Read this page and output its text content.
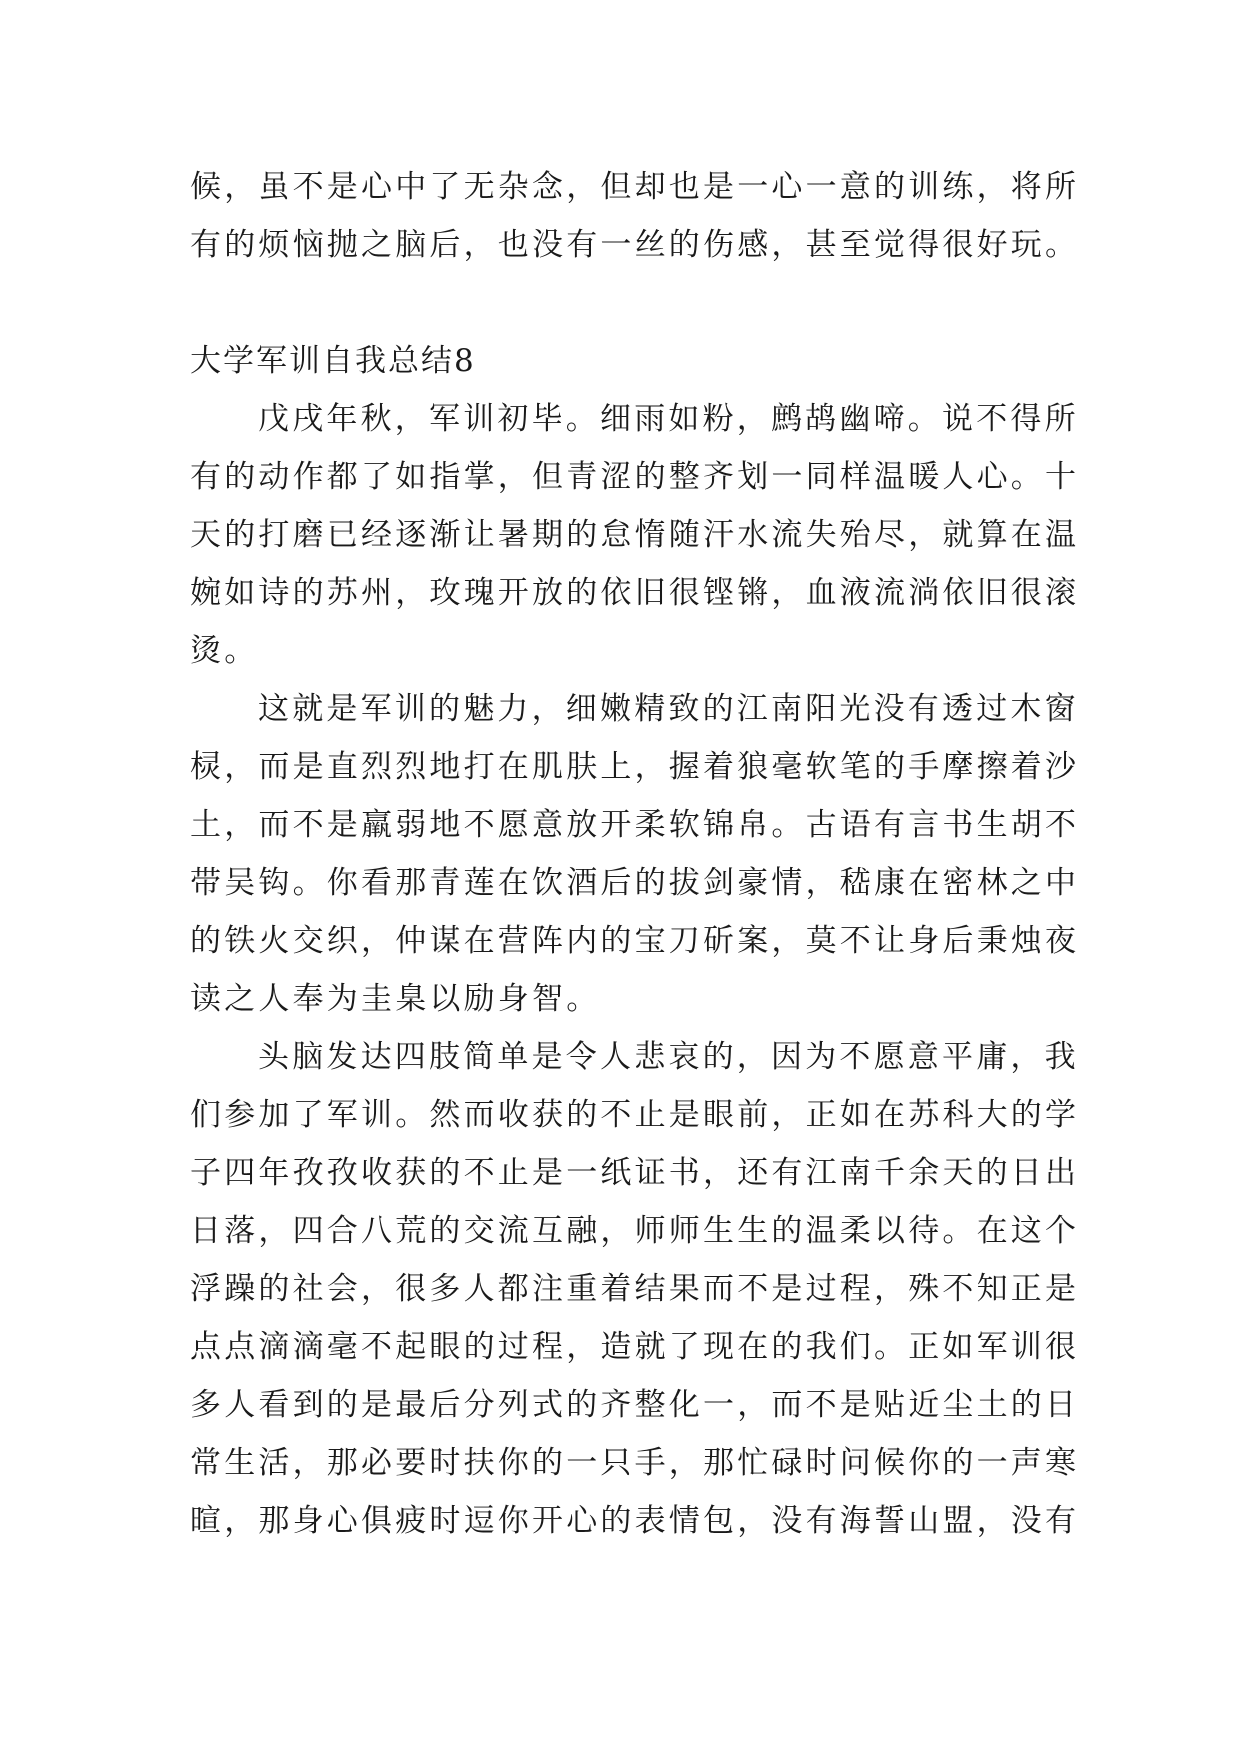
候，虽不是心中了无杂念，但却也是一心一意的训练，将所
有的烦恼抛之脑后，也没有一丝的伤感，甚至觉得很好玩。
大学军训自我总结8
戊戌年秋，军训初毕。细雨如粉，鹧鸪幽啼。说不得所
有的动作都了如指掌，但青涩的整齐划一同样温暖人心。十
天的打磨已经逐渐让暑期的怠惰随汗水流失殆尽，就算在温
婉如诗的苏州，玫瑰开放的依旧很铿锵，血液流淌依旧很滚
烫。
这就是军训的魅力，细嫩精致的江南阳光没有透过木窗
棂，而是直烈烈地打在肌肤上，握着狼毫软笔的手摩擦着沙
土，而不是羸弱地不愿意放开柔软锦帛。古语有言书生胡不
带吴钩。你看那青莲在饮酒后的拔剑豪情，嵇康在密林之中
的铁火交织，仲谋在营阵内的宝刀斫案，莫不让身后秉烛夜
读之人奉为圭臬以励身智。
头脑发达四肢简单是令人悲哀的，因为不愿意平庸，我
们参加了军训。然而收获的不止是眼前，正如在苏科大的学
子四年孜孜收获的不止是一纸证书，还有江南千余天的日出
日落，四合八荒的交流互融，师师生生的温柔以待。在这个
浮躁的社会，很多人都注重着结果而不是过程，殊不知正是
点点滴滴毫不起眼的过程，造就了现在的我们。正如军训很
多人看到的是最后分列式的齐整化一，而不是贴近尘土的日
常生活，那必要时扶你的一只手，那忙碌时问候你的一声寒
暄，那身心俱疲时逗你开心的表情包，没有海誓山盟，没有
